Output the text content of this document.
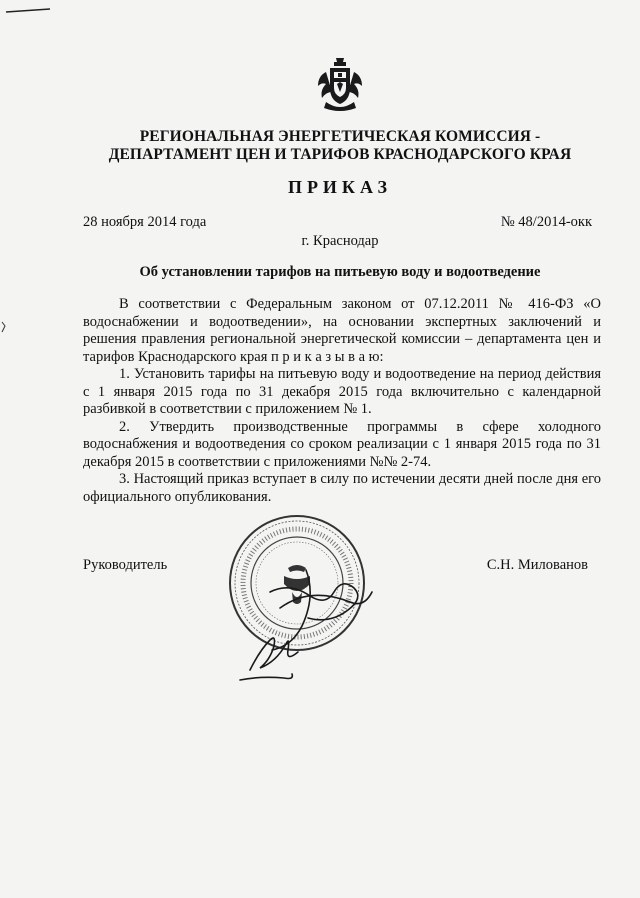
РЕГИОНАЛЬНАЯ ЭНЕРГЕТИЧЕСКАЯ КОМИССИЯ -
ДЕПАРТАМЕНТ ЦЕН И ТАРИФОВ КРАСНОДАРСКОГО КРАЯ
ПРИКАЗ
28 ноября 2014 года	№ 48/2014-окк
г. Краснодар
Об установлении тарифов на питьевую воду и водоотведение

В соответствии с Федеральным законом от 07.12.2011 № 416-ФЗ «О водоснабжении и водоотведении», на основании экспертных заключений и решения правления региональной энергетической комиссии – департамента цен и тарифов Краснодарского края п р и к а з ы в а ю:

1. Установить тарифы на питьевую воду и водоотведение на период действия с 1 января 2015 года по 31 декабря 2015 года включительно с календарной разбивкой в соответствии с приложением № 1.

2. Утвердить производственные программы в сфере холодного водоснабжения и водоотведения со сроком реализации с 1 января 2015 года по 31 декабря 2015 в соответствии с приложениями №№ 2-74.

3. Настоящий приказ вступает в силу по истечении десяти дней после дня его официального опубликования.

Руководитель	С.Н. Милованов
